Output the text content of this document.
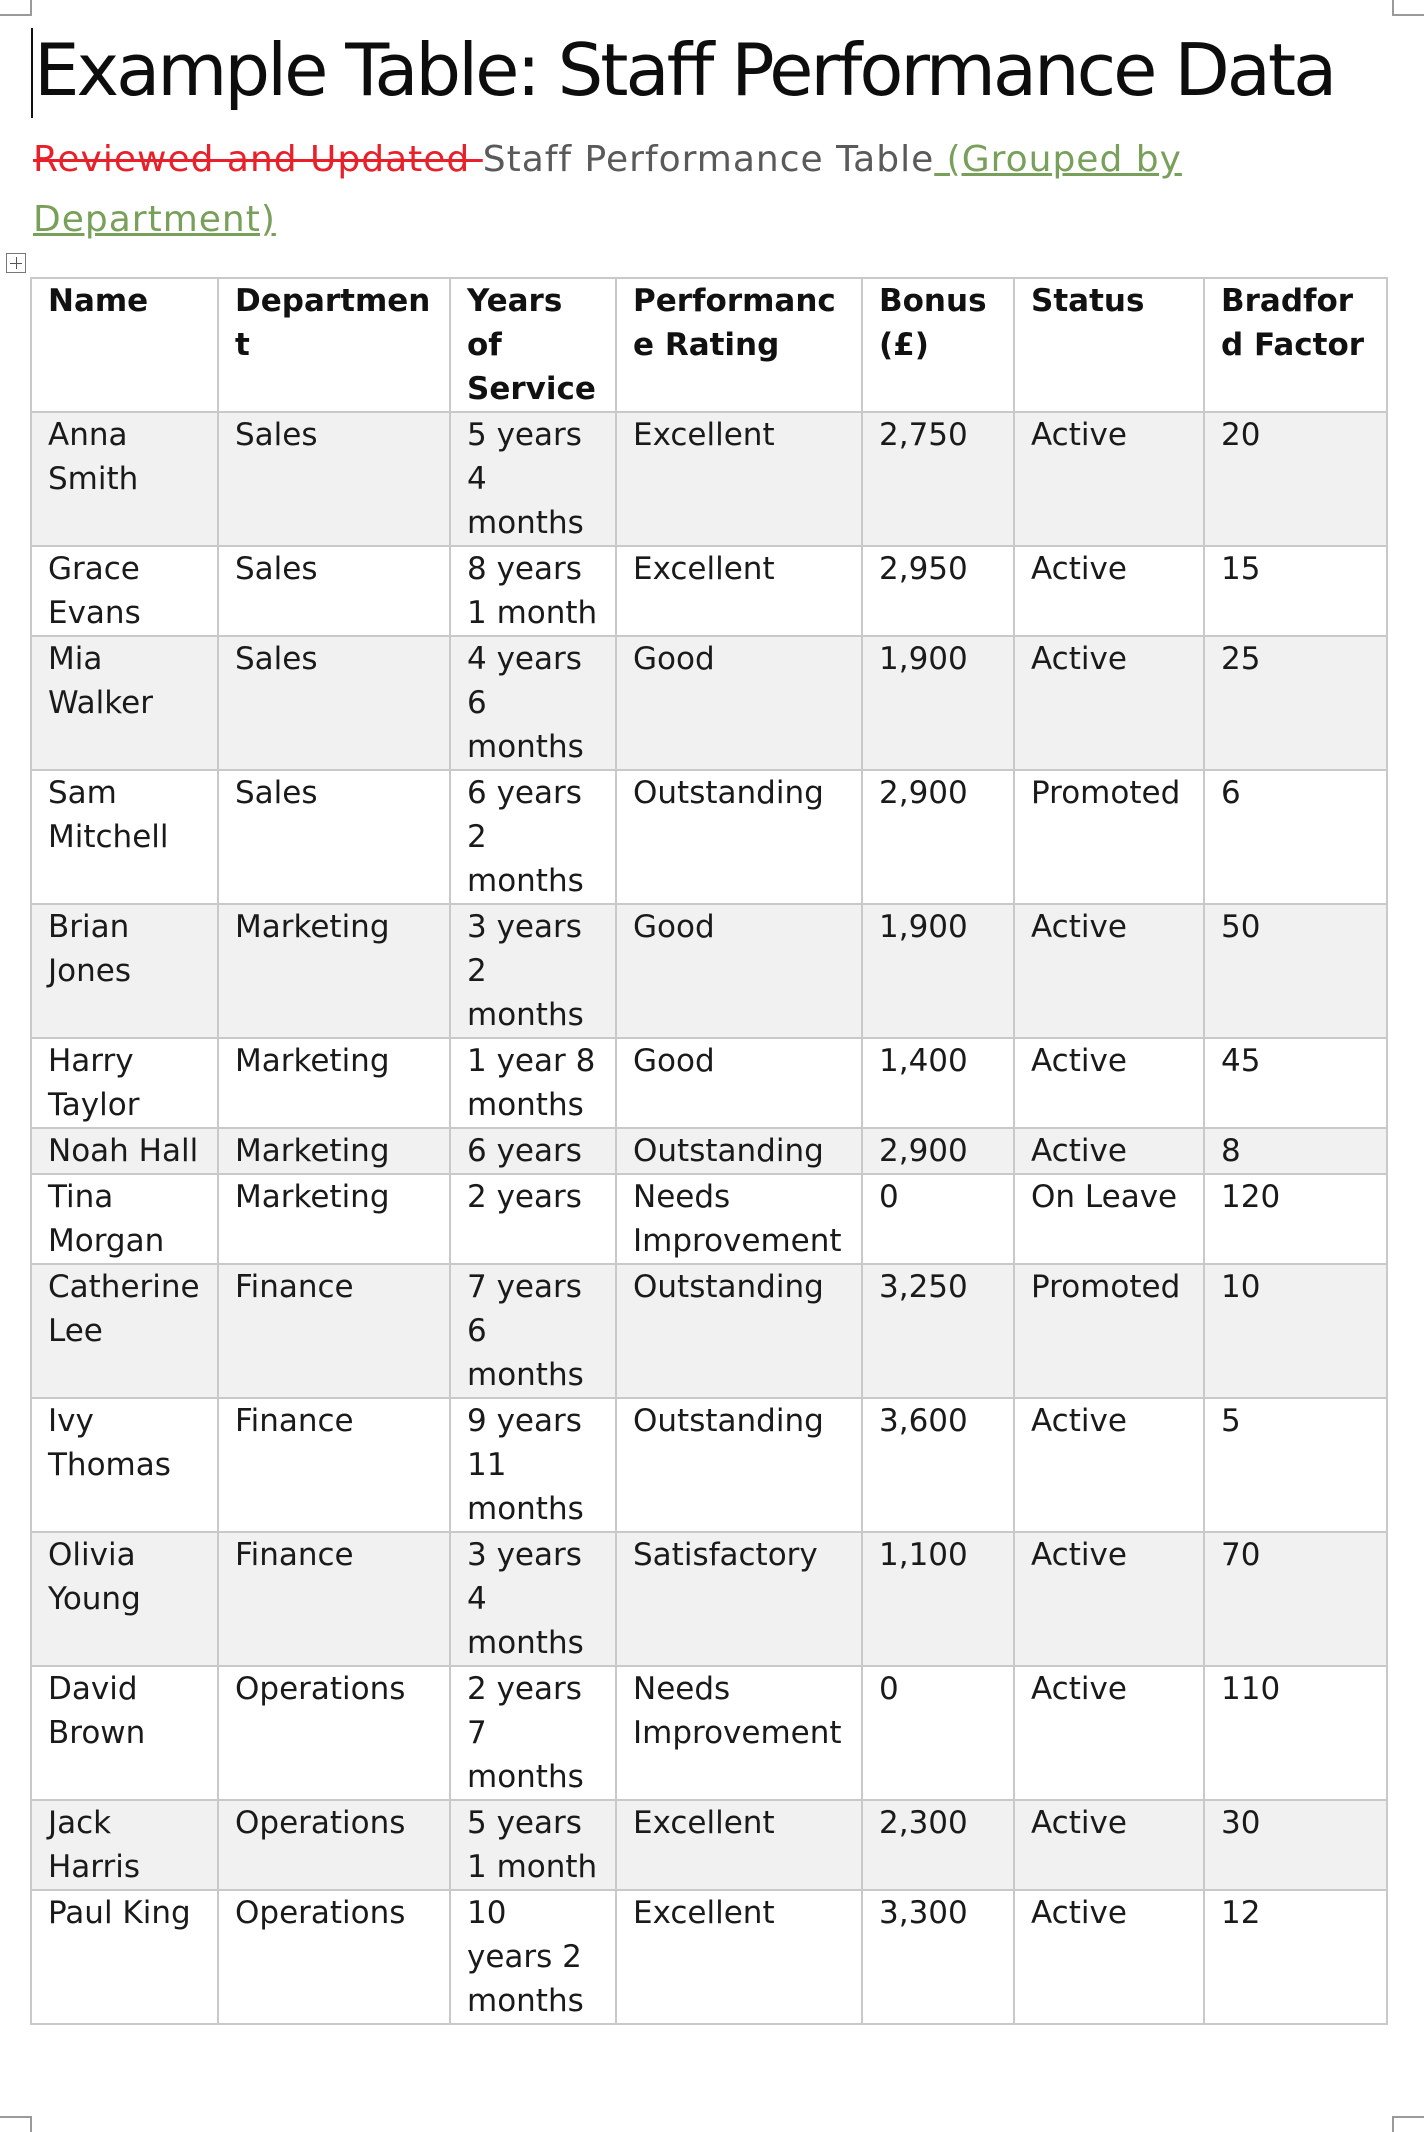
Example Table: Staff Performance Data
Reviewed and Updated Staff Performance Table (Grouped by Department)
Name	Department	Years of Service	Performance Rating	Bonus (£)	Status	Bradford Factor
Anna Smith	Sales	5 years 4 months	Excellent	2,750	Active	20
Grace Evans	Sales	8 years 1 month	Excellent	2,950	Active	15
Mia Walker	Sales	4 years 6 months	Good	1,900	Active	25
Sam Mitchell	Sales	6 years 2 months	Outstanding	2,900	Promoted	6
Brian Jones	Marketing	3 years 2 months	Good	1,900	Active	50
Harry Taylor	Marketing	1 year 8 months	Good	1,400	Active	45
Noah Hall	Marketing	6 years	Outstanding	2,900	Active	8
Tina Morgan	Marketing	2 years	Needs Improvement	0	On Leave	120
Catherine Lee	Finance	7 years 6 months	Outstanding	3,250	Promoted	10
Ivy Thomas	Finance	9 years 11 months	Outstanding	3,600	Active	5
Olivia Young	Finance	3 years 4 months	Satisfactory	1,100	Active	70
David Brown	Operations	2 years 7 months	Needs Improvement	0	Active	110
Jack Harris	Operations	5 years 1 month	Excellent	2,300	Active	30
Paul King	Operations	10 years 2 months	Excellent	3,300	Active	12
